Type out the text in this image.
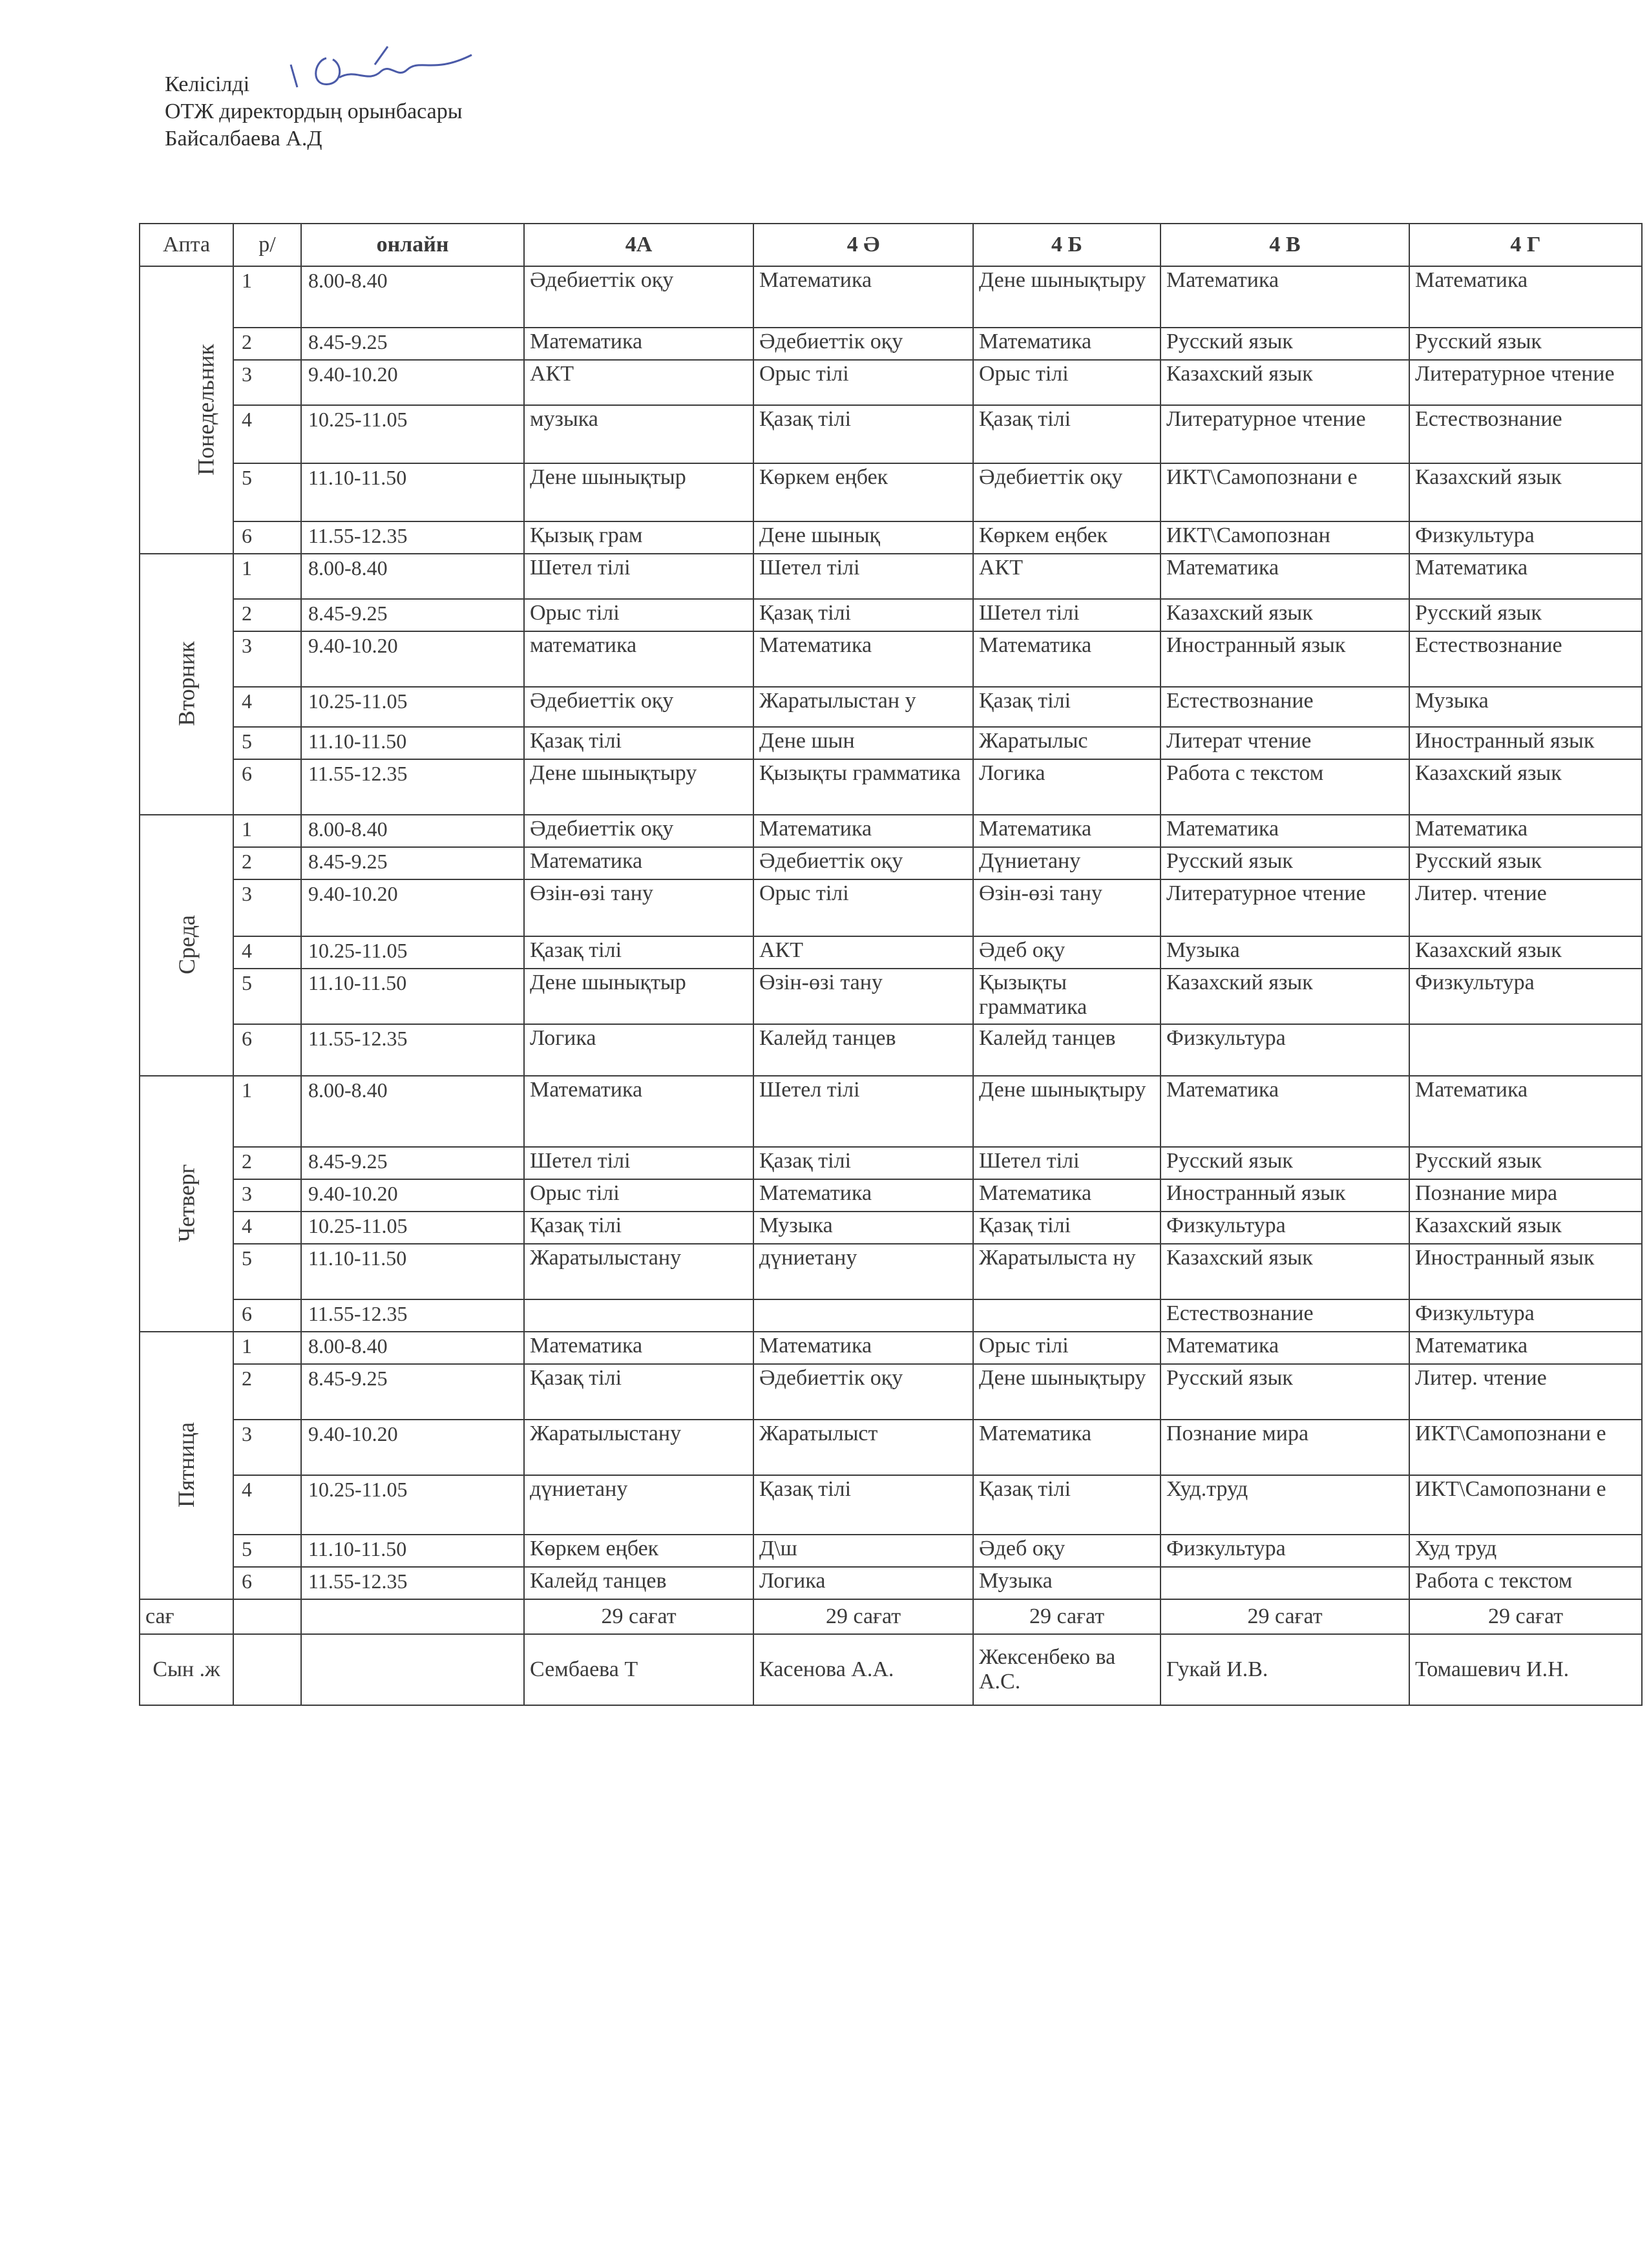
Келісілді
ОТЖ директордың орынбасары
Байсалбаева А.Д
Апта	р/	онлайн	4А	4 Ә	4 Б	4 В	4 Г
Понедельник	1	8.00-8.40	Әдебиеттік оқу	Математика	Дене шынықтыру	Математика	Математика
	2	8.45-9.25	Математика	Әдебиеттік оқу	Математика	Русский язык	Русский язык
	3	9.40-10.20	АКТ	Орыс тілі	Орыс тілі	Казахский язык	Литературное чтение
	4	10.25-11.05	музыка	Қазақ тілі	Қазақ тілі	Литературное чтение	Естествознание
	5	11.10-11.50	Дене шынықтыр	Көркем еңбек	Әдебиеттік оқу	ИКТ\Самопознани е	Казахский язык
	6	11.55-12.35	Қызық грам	Дене шынық	Көркем еңбек	ИКТ\Самопознан	Физкультура
Вторник	1	8.00-8.40	Шетел тілі	Шетел тілі	АКТ	Математика	Математика
	2	8.45-9.25	Орыс тілі	Қазақ тілі	Шетел тілі	Казахский язык	Русский язык
	3	9.40-10.20	математика	Математика	Математика	Иностранный язык	Естествознание
	4	10.25-11.05	Әдебиеттік оқу	Жаратылыстан у	Қазақ тілі	Естествознание	Музыка
	5	11.10-11.50	Қазақ тілі	Дене шын	Жаратылыс	Литерат чтение	Иностранный язык
	6	11.55-12.35	Дене шынықтыру	Қызықты грамматика	Логика	Работа с текстом	Казахский язык
Среда	1	8.00-8.40	Әдебиеттік оқу	Математика	Математика	Математика	Математика
	2	8.45-9.25	Математика	Әдебиеттік оқу	Дүниетану	Русский язык	Русский язык
	3	9.40-10.20	Өзін-өзі тану	Орыс тілі	Өзін-өзі тану	Литературное чтение	Литер. чтение
	4	10.25-11.05	Қазақ тілі	АКТ	Әдеб оқу	Музыка	Казахский язык
	5	11.10-11.50	Дене шынықтыр	Өзін-өзі тану	Қызықты грамматика	Казахский язык	Физкультура
	6	11.55-12.35	Логика	Калейд танцев	Калейд танцев	Физкультура	
Четверг	1	8.00-8.40	Математика	Шетел тілі	Дене шынықтыру	Математика	Математика
	2	8.45-9.25	Шетел тілі	Қазақ тілі	Шетел тілі	Русский язык	Русский язык
	3	9.40-10.20	Орыс тілі	Математика	Математика	Иностранный язык	Познание мира
	4	10.25-11.05	Қазақ тілі	Музыка	Қазақ тілі	Физкультура	Казахский язык
	5	11.10-11.50	Жаратылыстану	дүниетану	Жаратылыста ну	Казахский язык	Иностранный язык
	6	11.55-12.35				Естествознание	Физкультура
Пятница	1	8.00-8.40	Математика	Математика	Орыс тілі	Математика	Математика
	2	8.45-9.25	Қазақ тілі	Әдебиеттік оқу	Дене шынықтыру	Русский язык	Литер. чтение
	3	9.40-10.20	Жаратылыстану	Жаратылыст	Математика	Познание мира	ИКТ\Самопознани е
	4	10.25-11.05	дүниетану	Қазақ тілі	Қазақ тілі	Худ.труд	ИКТ\Самопознани е
	5	11.10-11.50	Көркем еңбек	Д\ш	Әдеб оқу	Физкультура	Худ труд
	6	11.55-12.35	Калейд танцев	Логика	Музыка		Работа с текстом
сағ			29 сағат	29 сағат	29 сағат	29 сағат	29 сағат
Сын .ж			Сембаева Т	Касенова А.А.	Жексенбеко ва А.С.	Гукай И.В.	Томашевич И.Н.
